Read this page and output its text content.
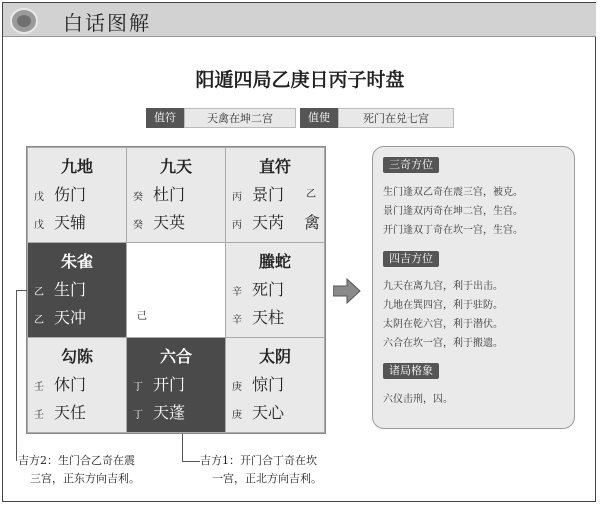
白话图解
阳遁四局乙庚日丙子时盘
值符	天禽在坤二宫	值使	死门在兑七宫
九地
戊 伤门
戊 天辅
九天
癸 杜门
癸 天英
直符
丙 景门 乙
丙 天芮 禽
朱雀
乙 生门
乙 天冲	己
螣蛇
辛 死门
辛 天柱
勾陈
壬 休门
壬 天任
六合
丁 开门
丁 天蓬
太阴
庚 惊门
庚 天心
三奇方位
生门逢双乙奇在震三宫，被克。
景门逢双丙奇在坤二宫，生宫。
开门逢双丁奇在坎一宫，生宫。
四吉方位
九天在离九宫，利于出击。
九地在巽四宫，利于驻防。
太阴在乾六宫，利于潜伏。
六合在坎一宫，利于搬遗。
诸局格象
六仪击刑，囚。
吉方2：生门合乙奇在震
三宫，正东方向吉利。
吉方1：开门合丁奇在坎
一宫，正北方向吉利。
